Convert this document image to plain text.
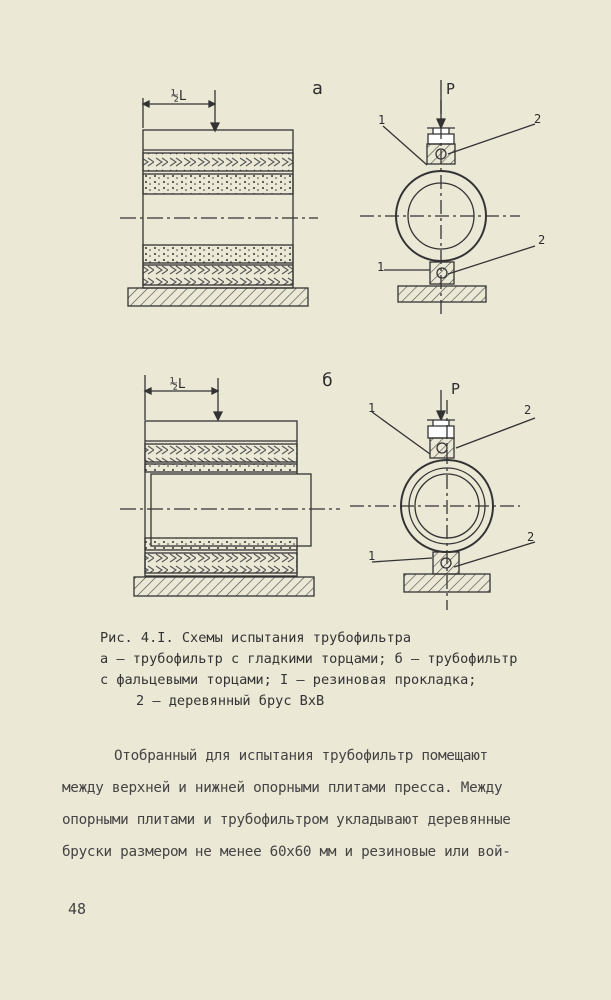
а
б
½L
½L
P
P
1	2
1
2
1	2
1
2
Рис. 4.I. Схемы испытания трубофильтра
а – трубофильтр с гладкими торцами; б – трубофильтр
с фальцевыми торцами; I – резиновая прокладка;
2 – деревянный брус ВхВ
Отобранный для испытания трубофильтр помещают
между верхней и нижней опорными плитами пресса. Между
опорными плитами и трубофильтром укладывают деревянные
бруски размером не менее 60х60 мм и резиновые или вой-
48
